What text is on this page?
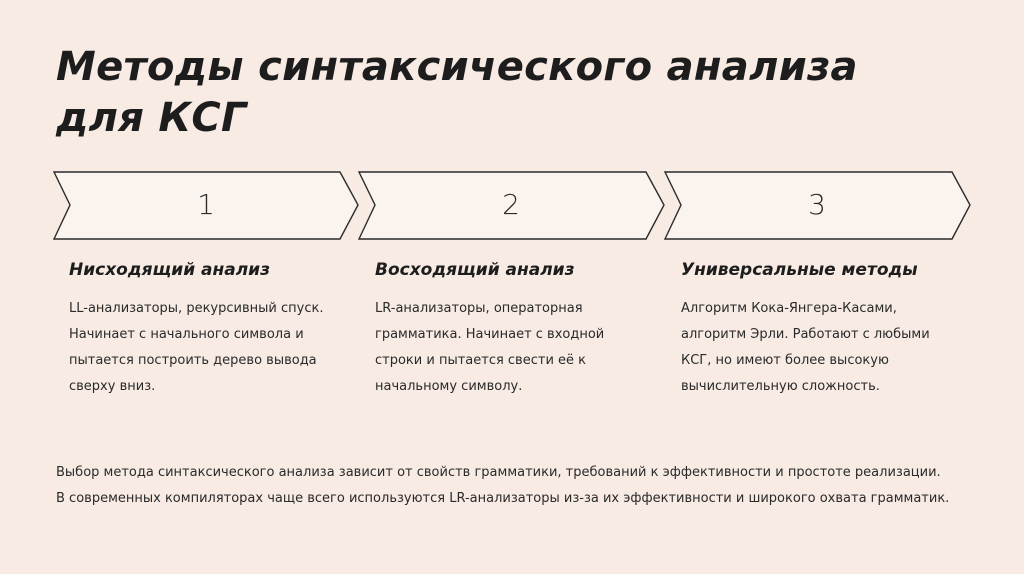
Методы синтаксического анализа для КСГ
1	2	3
Нисходящий анализ	Восходящий анализ	Универсальные методы
LL-анализаторы, рекурсивный спуск.
Начинает с начального символа и
пытается построить дерево вывода
сверху вниз.
LR-анализаторы, операторная
грамматика. Начинает с входной
строки и пытается свести её к
начальному символу.
Алгоритм Кока-Янгера-Касами,
алгоритм Эрли. Работают с любыми
КСГ, но имеют более высокую
вычислительную сложность.
Выбор метода синтаксического анализа зависит от свойств грамматики, требований к эффективности и простоте реализации.
В современных компиляторах чаще всего используются LR-анализаторы из-за их эффективности и широкого охвата грамматик.
